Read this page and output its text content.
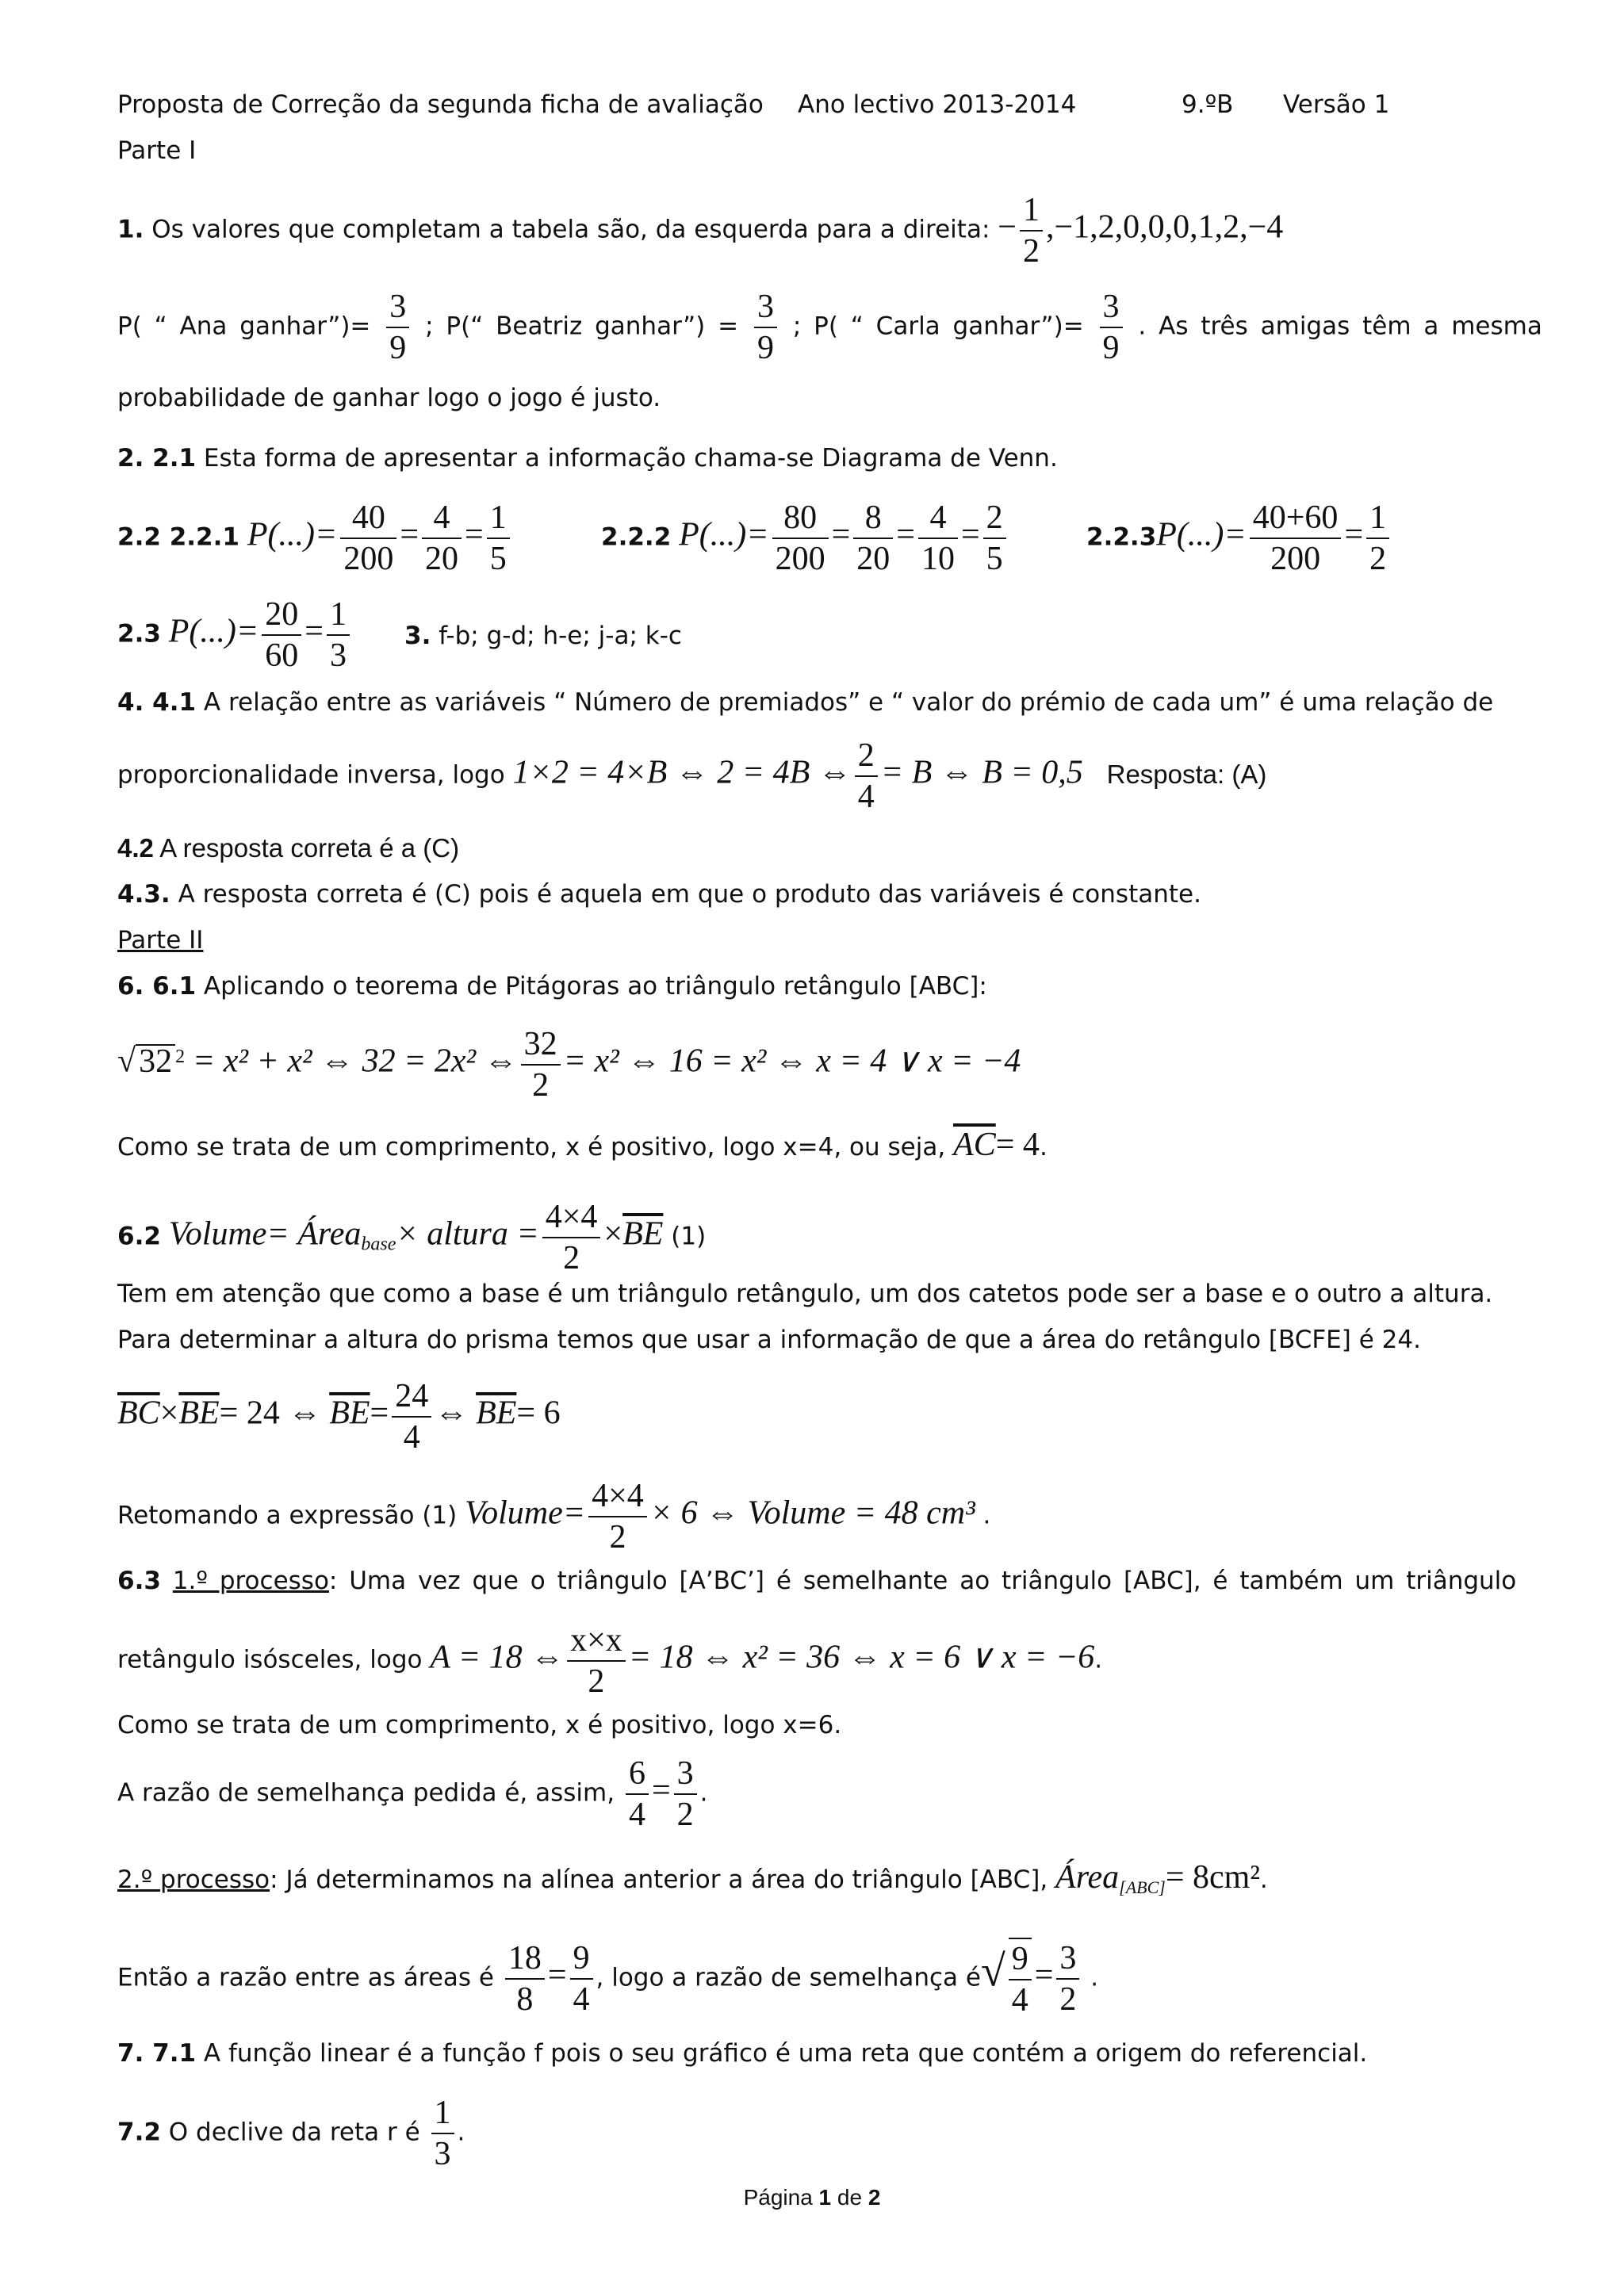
Proposta de Correção da segunda ficha de avaliação Ano lectivo 2013-2014	9.ºB Versão 1
Parte I
1. Os valores que completam a tabela são, da esquerda para a direita: − $\frac{1}{2} ,-1,2,0,0,0,1,2,-4$
P( “ Ana ganhar”)= $\frac{3}{9}$ ; P(“ Beatriz ganhar”) = $\frac{3}{9}$ ; P( “ Carla ganhar”)= $\frac{3}{9}$ . As três amigas têm a mesma
probabilidade de ganhar logo o jogo é justo.
2. 2.1 Esta forma de apresentar a informação chama-se Diagrama de Venn.
2.2 2.2.1 $P(...)= \frac{40}{200} = \frac{4}{20} = \frac{1}{5}$	2.2.2 $P(...)= \frac{80}{200} = \frac{8}{20} = \frac{4}{10} = \frac{2}{5}$	$2.2.3P(...)= \frac{40+60}{200} = \frac{1}{2}$
2.3 $P(...)= \frac{20}{60} = \frac{1}{3} 3$. f-b; g-d; h-e; j-a; k-c
4. 4.1 A relação entre as variáveis “ Número de premiados” e “ valor do prémio de cada um” é uma relação de
proporcionalidade inversa, logo 1×2 = 4×B ⇔ 2 = 4B ⇔ $\frac{2}{4} = B$ ⇔ B = 0,5 Resposta: (A)
4.2 A resposta correta é a (C)
4.3. A resposta correta é (C) pois é aquela em que o produto das variáveis é constante.
Parte II
6. 6.1 Aplicando o teorema de Pitágoras ao triângulo retângulo [ABC]:
√32 $^2$ = x² + x² ⇔ 32 = 2x² ⇔ $\frac{32}{2} = x^2$ ⇔ 16 = x² ⇔ x = 4 ∨ x = −4
Como se trata de um comprimento, x é positivo, logo x=4, ou seja, $\overline{AC}= 4$.
6.2 Volume= Área$_{base}$× altura = $\frac{4\times 4}{2} \times\overline{BE}$ (1)
Tem em atenção que como a base é um triângulo retângulo, um dos catetos pode ser a base e o outro a altura.
Para determinar a altura do prisma temos que usar a informação de que a área do retângulo [BCFE] é 24.
$\overline{BC}\times\overline{BE}= 24$ ⇔ $\overline{BE}= \frac{24}{4}$ ⇔ $\overline{BE}= 6$
Retomando a expressão (1) Volume= $\frac{4\times 4}{2} \times 6$ ⇔ Volume = 48 cm³ .
6.3 1.º processo: Uma vez que o triângulo [A’BC’] é semelhante ao triângulo [ABC], é também um triângulo
retângulo isósceles, logo A = 18 ⇔ $\frac{x\times x}{2} = 18$ ⇔ x² = 36 ⇔ x = 6 ∨ x = −6.
Como se trata de um comprimento, x é positivo, logo x=6.
A razão de semelhança pedida é, assim, $\frac{6}{4} = \frac{3}{2}$ .
2.º processo: Já determinamos na alínea anterior a área do triângulo [ABC], Área$_{[ABC]}$= 8cm².
Então a razão entre as áreas é $\frac{18}{8} = \frac{9}{4}$ , logo a razão de semelhança é√ $\frac{9}{4} = \frac{3}{2}$ .
7. 7.1 A função linear é a função f pois o seu gráfico é uma reta que contém a origem do referencial.
7.2 O declive da reta r é $\frac{1}{3}$ .
Página 1 de 2
